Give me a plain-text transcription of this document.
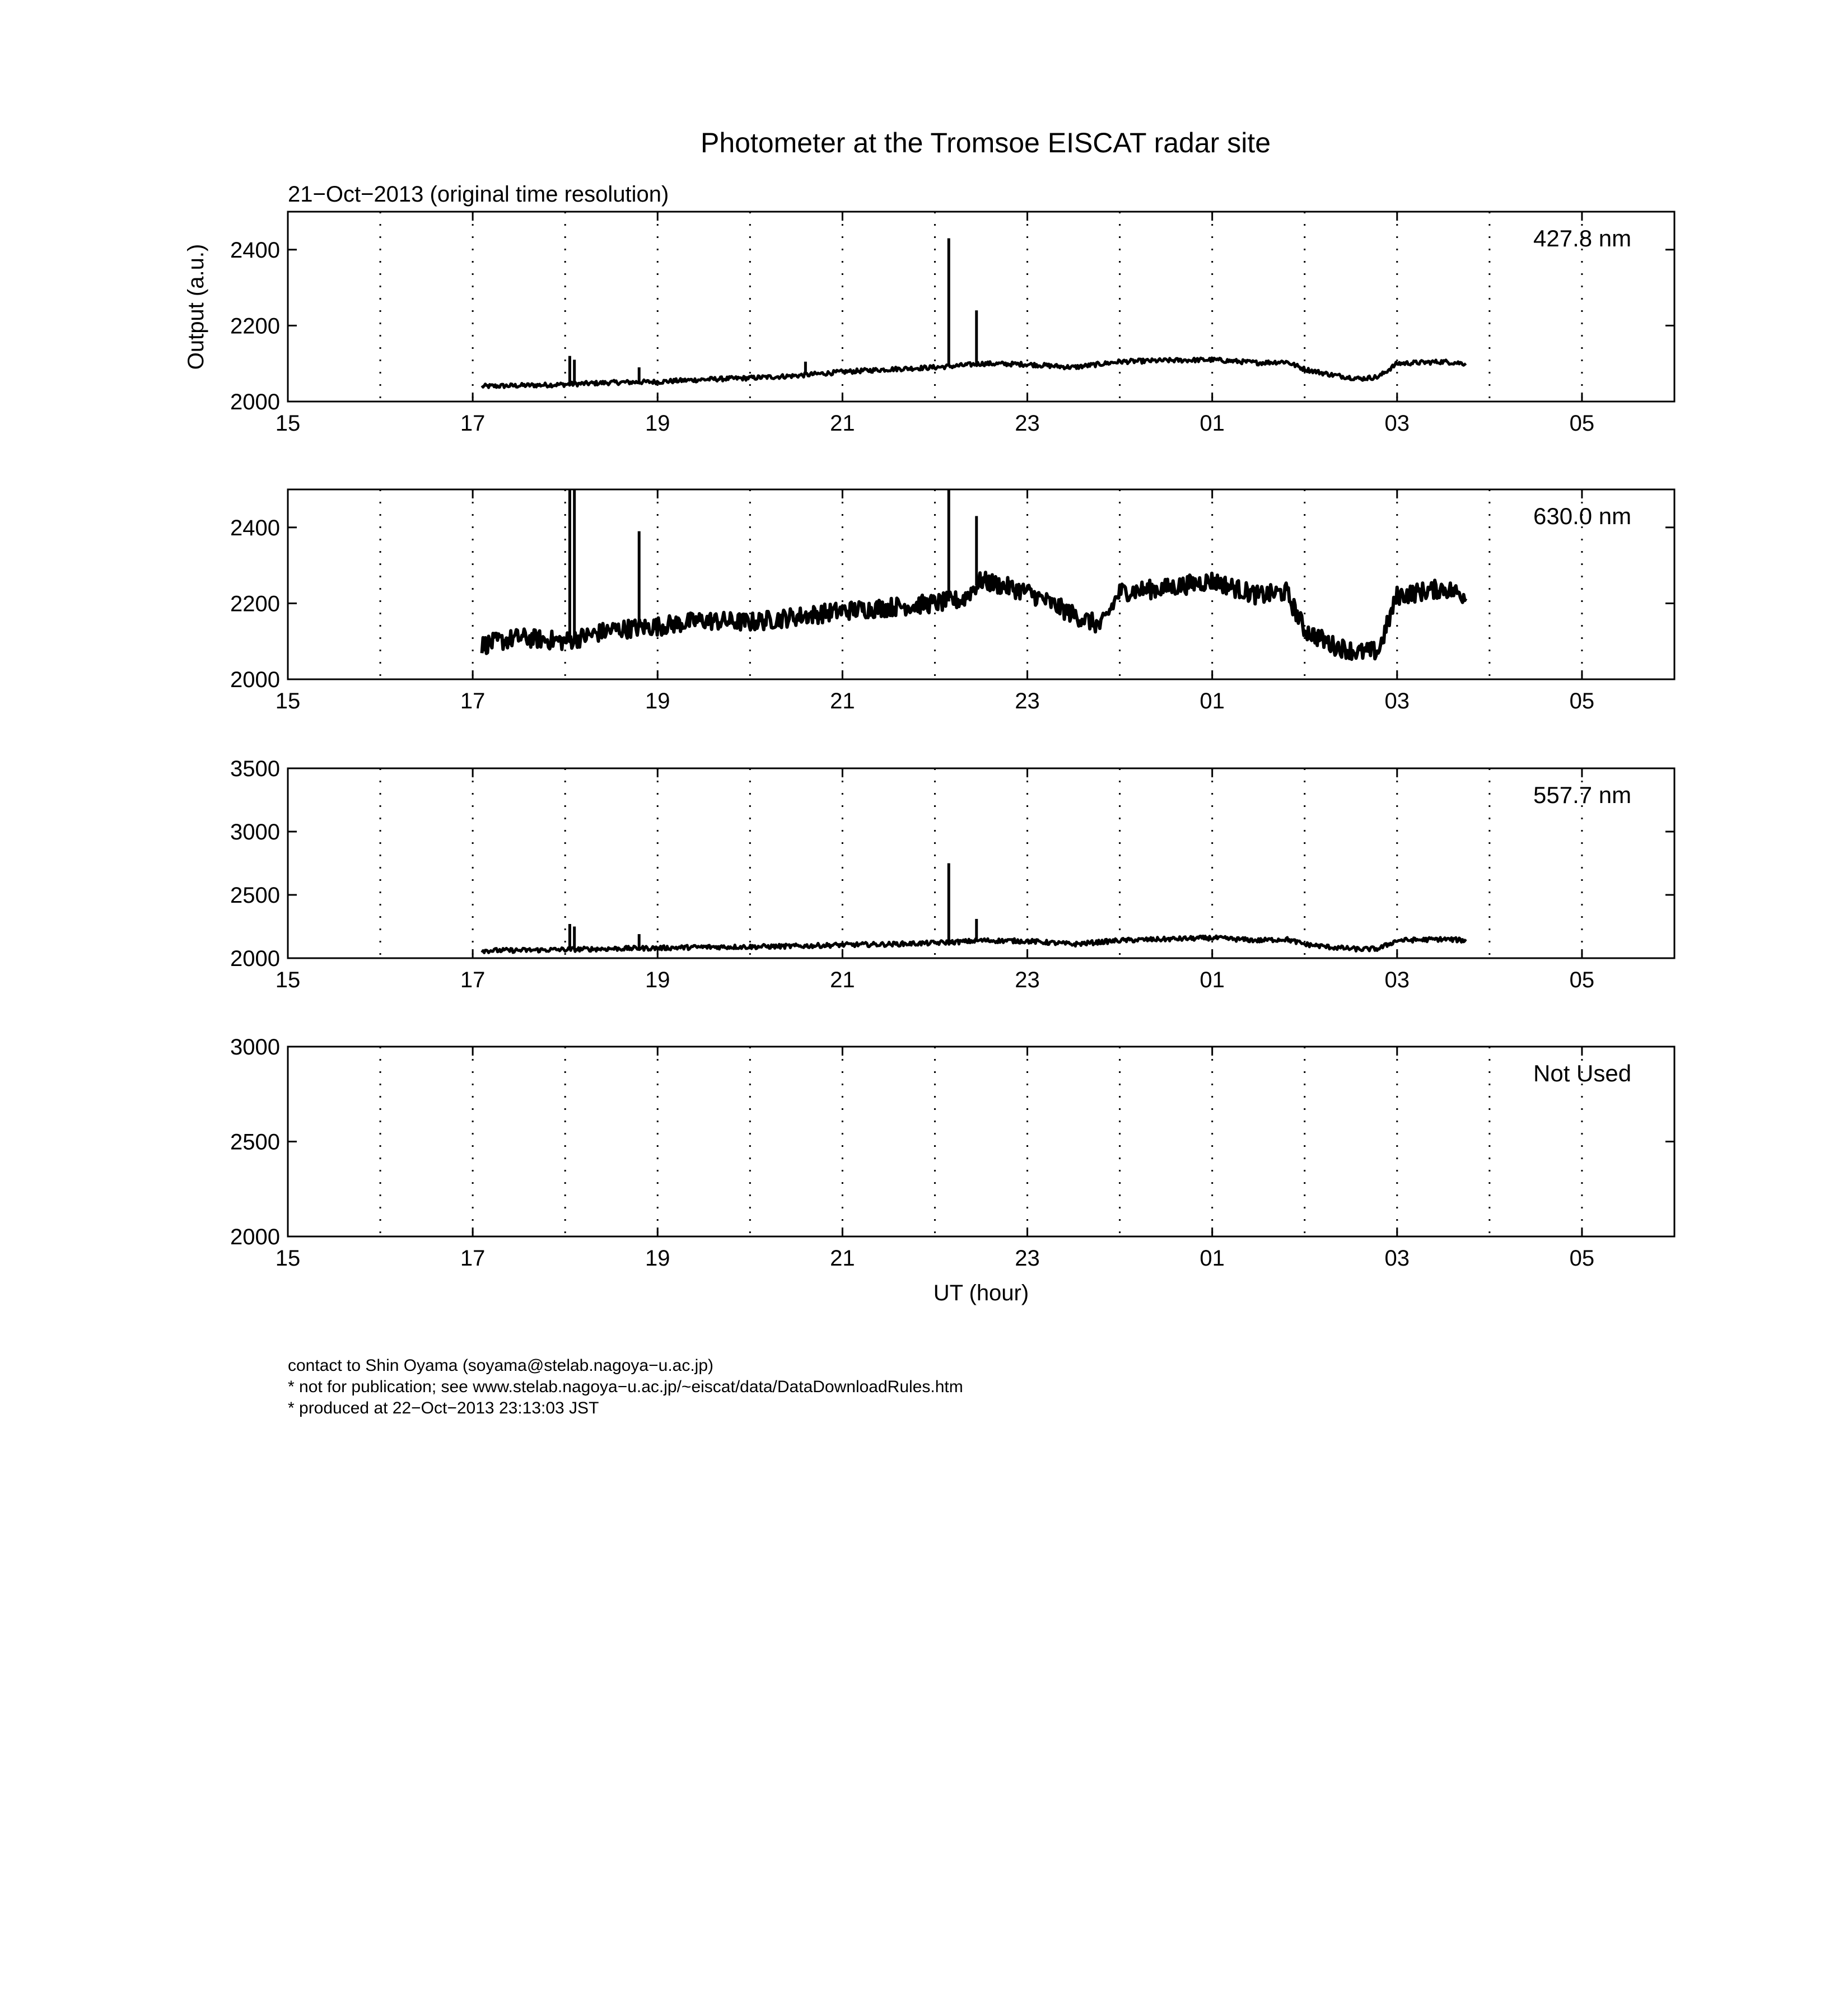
Photometer at the Tromsoe EISCAT radar site
21−Oct−2013 (original time resolution)
Output (a.u.)
UT (hour)
15	17	19	21	23	01	03	05
2000
2200
2400	427.8 nm
15	17	19	21	23	01	03	05
2000
2200
2400	630.0 nm
15	17	19	21	23	01	03	05
2000
2500
3000
3500
557.7 nm
15	17	19	21	23	01	03	05
2000
2500
3000
Not Used
contact to Shin Oyama (soyama@stelab.nagoya−u.ac.jp)
* not for publication; see www.stelab.nagoya−u.ac.jp/~eiscat/data/DataDownloadRules.htm
* produced at 22−Oct−2013 23:13:03 JST
